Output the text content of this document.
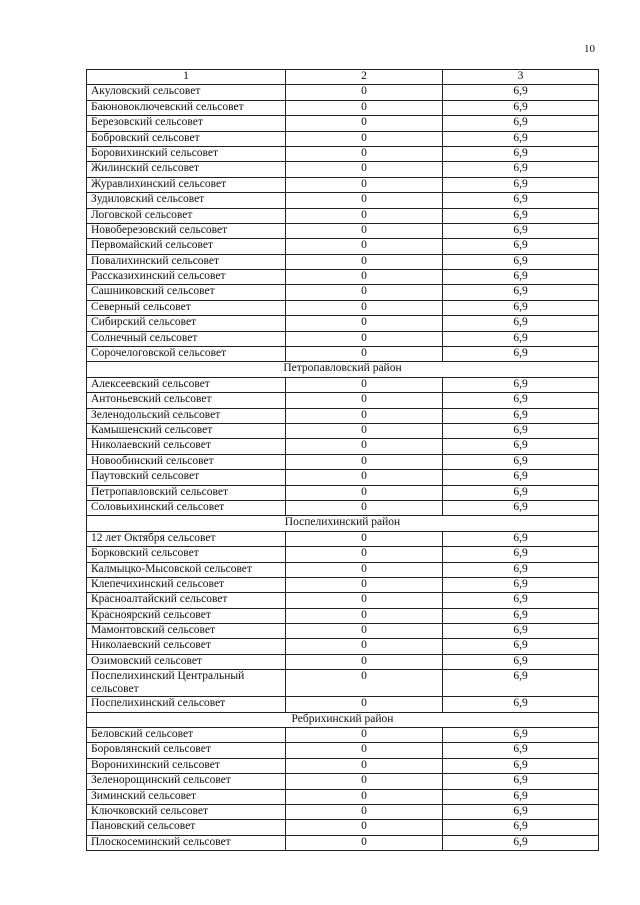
10
1	2	3
Акуловский сельсовет	0	6,9
Баюновоключевский сельсовет	0	6,9
Березовский сельсовет	0	6,9
Бобровский сельсовет	0	6,9
Боровихинский сельсовет	0	6,9
Жилинский сельсовет	0	6,9
Журавлихинский сельсовет	0	6,9
Зудиловский сельсовет	0	6,9
Логовской сельсовет	0	6,9
Новоберезовский сельсовет	0	6,9
Первомайский сельсовет	0	6,9
Повалихинский сельсовет	0	6,9
Рассказихинский сельсовет	0	6,9
Сашниковский сельсовет	0	6,9
Северный сельсовет	0	6,9
Сибирский сельсовет	0	6,9
Солнечный сельсовет	0	6,9
Сорочелоговской сельсовет	0	6,9
Петропавловский район		
Алексеевский сельсовет	0	6,9
Антоньевский сельсовет	0	6,9
Зеленодольский сельсовет	0	6,9
Камышенский сельсовет	0	6,9
Николаевский сельсовет	0	6,9
Новообинский сельсовет	0	6,9
Паутовский сельсовет	0	6,9
Петропавловский сельсовет	0	6,9
Соловьихинский сельсовет	0	6,9
Поспелихинский район		
12 лет Октября сельсовет	0	6,9
Борковский сельсовет	0	6,9
Калмыцко-Мысовской сельсовет	0	6,9
Клепечихинский сельсовет	0	6,9
Красноалтайский сельсовет	0	6,9
Красноярский сельсовет	0	6,9
Мамонтовский сельсовет	0	6,9
Николаевский сельсовет	0	6,9
Озимовский сельсовет	0	6,9
Поспелихинский Центральный сельсовет	0	6,9
Поспелихинский сельсовет	0	6,9
Ребрихинский район		
Беловский сельсовет	0	6,9
Боровлянский сельсовет	0	6,9
Воронихинский сельсовет	0	6,9
Зеленорощинский сельсовет	0	6,9
Зиминский сельсовет	0	6,9
Ключковский сельсовет	0	6,9
Пановский сельсовет	0	6,9
Плоскосеминский сельсовет	0	6,9
